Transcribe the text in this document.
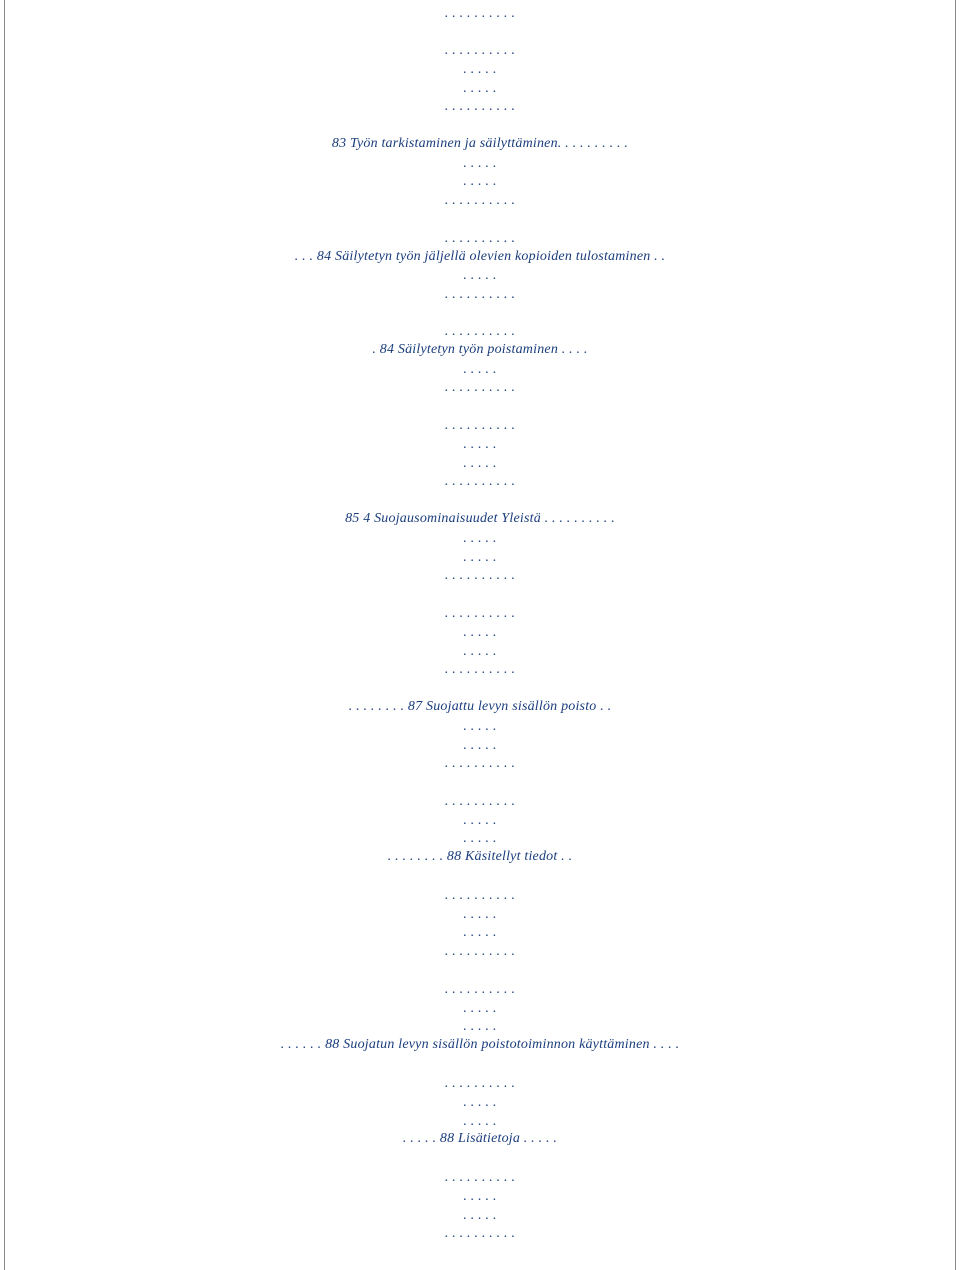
. . . . . . . . . .
. . . . . . . . . .
. . . . .
. . . . .
. . . . . . . . . .
83 Työn tarkistaminen ja säilyttäminen. . . . . . . . . .
. . . . .
. . . . .
. . . . . . . . . .
. . . . . . . . . .
. . . 84 Säilytetyn työn jäljellä olevien kopioiden tulostaminen . .
. . . . .
. . . . . . . . . .
. . . . . . . . . .
. 84 Säilytetyn työn poistaminen . . . .
. . . . .
. . . . . . . . . .
. . . . . . . . . .
. . . . .
. . . . .
. . . . . . . . . .
85 4 Suojausominaisuudet Yleistä . . . . . . . . . .
. . . . .
. . . . .
. . . . . . . . . .
. . . . . . . . . .
. . . . .
. . . . .
. . . . . . . . . .
. . . . . . . . 87 Suojattu levyn sisällön poisto . .
. . . . .
. . . . .
. . . . . . . . . .
. . . . . . . . . .
. . . . .
. . . . .
. . . . . . . . 88 Käsitellyt tiedot . .
. . . . . . . . . .
. . . . .
. . . . .
. . . . . . . . . .
. . . . . . . . . .
. . . . .
. . . . .
. . . . . . 88 Suojatun levyn sisällön poistotoiminnon käyttäminen . . . .
. . . . . . . . . .
. . . . .
. . . . .
. . . . . 88 Lisätietoja . . . . .
. . . . . . . . . .
. . . . .
. . . . .
. . . . . . . . . .
